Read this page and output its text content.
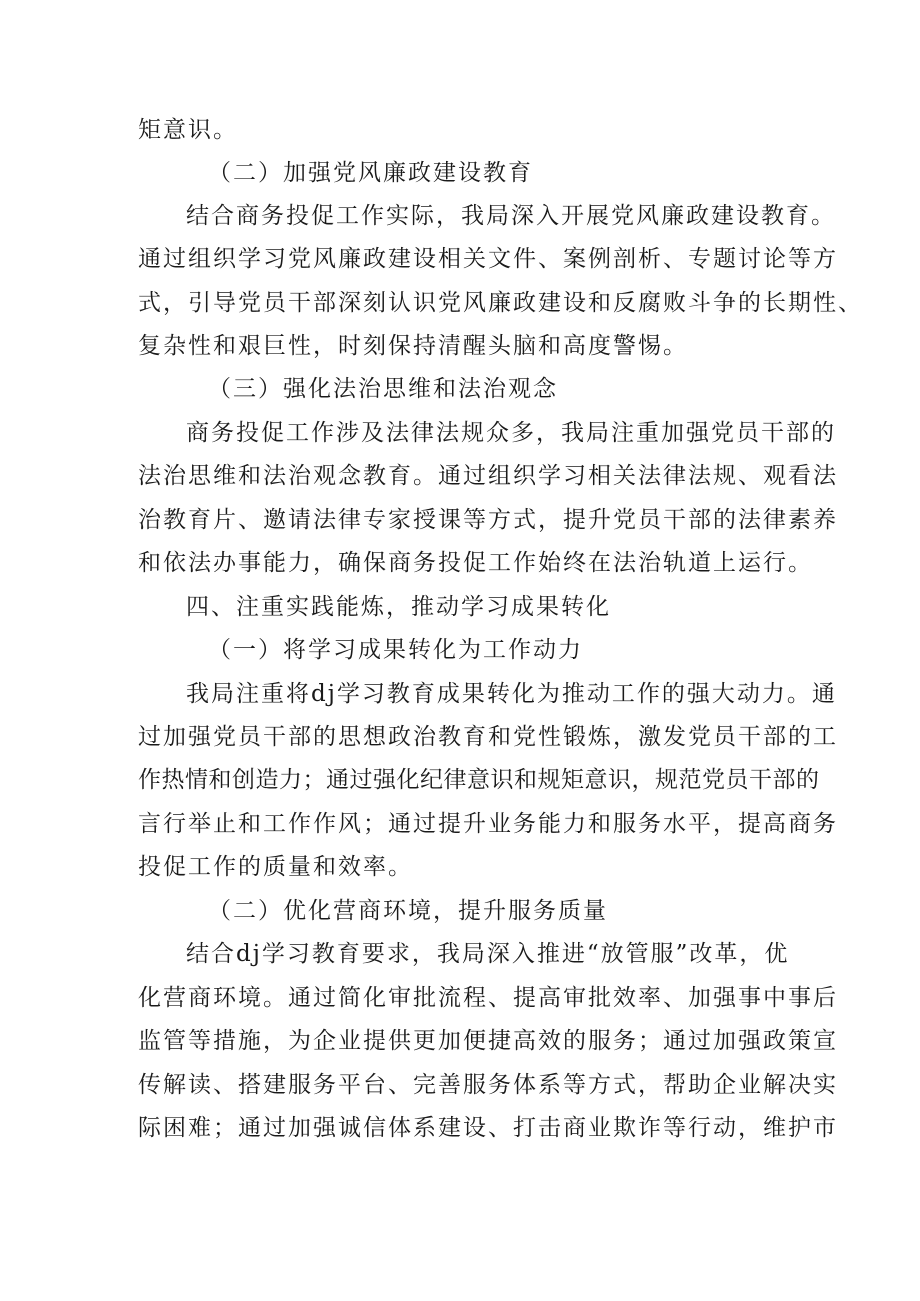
矩意识。
（二）加强党风廉政建设教育
结合商务投促工作实际，我局深入开展党风廉政建设教育。
通过组织学习党风廉政建设相关文件、案例剖析、专题讨论等方
式，引导党员干部深刻认识党风廉政建设和反腐败斗争的长期性、
复杂性和艰巨性，时刻保持清醒头脑和高度警惕。
（三）强化法治思维和法治观念
商务投促工作涉及法律法规众多，我局注重加强党员干部的
法治思维和法治观念教育。通过组织学习相关法律法规、观看法
治教育片、邀请法律专家授课等方式，提升党员干部的法律素养
和依法办事能力，确保商务投促工作始终在法治轨道上运行。
四、注重实践能炼，推动学习成果转化
（一）将学习成果转化为工作动力
我局注重将dj学习教育成果转化为推动工作的强大动力。通
过加强党员干部的思想政治教育和党性锻炼，激发党员干部的工
作热情和创造力；通过强化纪律意识和规矩意识，规范党员干部的
言行举止和工作作风；通过提升业务能力和服务水平，提高商务
投促工作的质量和效率。
（二）优化营商环境，提升服务质量
结合dj学习教育要求，我局深入推进“放管服”改革，优
化营商环境。通过简化审批流程、提高审批效率、加强事中事后
监管等措施，为企业提供更加便捷高效的服务；通过加强政策宣
传解读、搭建服务平台、完善服务体系等方式，帮助企业解决实
际困难；通过加强诚信体系建设、打击商业欺诈等行动，维护市
